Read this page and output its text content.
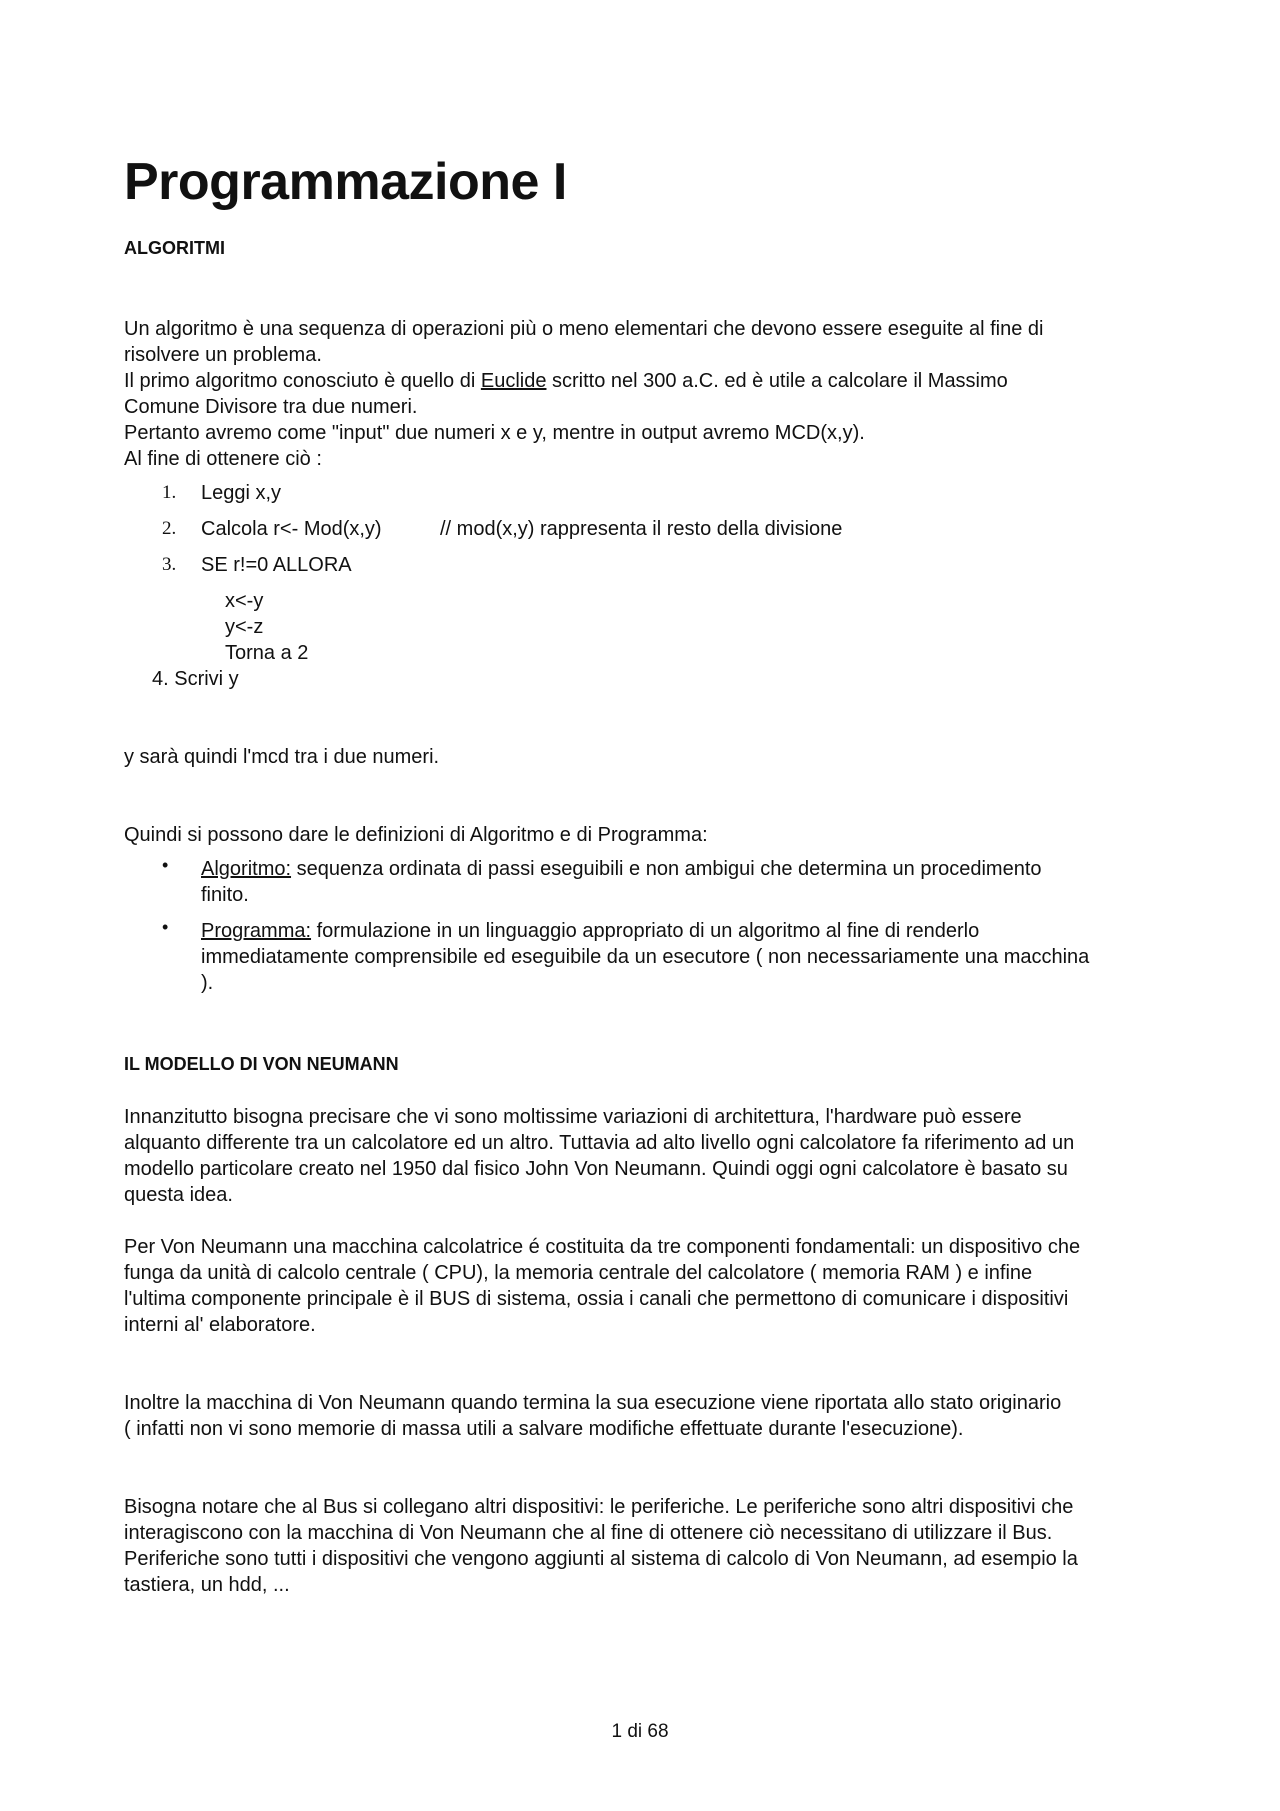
Programmazione I
ALGORITMI
Un algoritmo è una sequenza di operazioni più o meno elementari che devono essere eseguite al fine di
risolvere un problema.
Il primo algoritmo conosciuto è quello di Euclide scritto nel 300 a.C. ed è utile a calcolare il Massimo
Comune Divisore tra due numeri.
Pertanto avremo come "input" due numeri x e y, mentre in output avremo MCD(x,y).
Al fine di ottenere ciò :
1. Leggi x,y
2. Calcola r<- Mod(x,y)	// mod(x,y) rappresenta il resto della divisione
3. SE r!=0 ALLORA
x<-y
y<-z
Torna a 2
4. Scrivi y

y sarà quindi l'mcd tra i due numeri.

Quindi si possono dare le definizioni di Algoritmo e di Programma:

• Algoritmo: sequenza ordinata di passi eseguibili e non ambigui che determina un procedimento
finito.
• Programma: formulazione in un linguaggio appropriato di un algoritmo al fine di renderlo
immediatamente comprensibile ed eseguibile da un esecutore ( non necessariamente una macchina
).
IL MODELLO DI VON NEUMANN
Innanzitutto bisogna precisare che vi sono moltissime variazioni di architettura, l'hardware può essere
alquanto differente tra un calcolatore ed un altro. Tuttavia ad alto livello ogni calcolatore fa riferimento ad un
modello particolare creato nel 1950 dal fisico John Von Neumann. Quindi oggi ogni calcolatore è basato su
questa idea.
Per Von Neumann una macchina calcolatrice é costituita da tre componenti fondamentali: un dispositivo che
funga da unità di calcolo centrale ( CPU), la memoria centrale del calcolatore ( memoria RAM ) e infine
l'ultima componente principale è il BUS di sistema, ossia i canali che permettono di comunicare i dispositivi
interni al' elaboratore.
Inoltre la macchina di Von Neumann quando termina la sua esecuzione viene riportata allo stato originario
( infatti non vi sono memorie di massa utili a salvare modifiche effettuate durante l'esecuzione).
Bisogna notare che al Bus si collegano altri dispositivi: le periferiche. Le periferiche sono altri dispositivi che
interagiscono con la macchina di Von Neumann che al fine di ottenere ciò necessitano di utilizzare il Bus.
Periferiche sono tutti i dispositivi che vengono aggiunti al sistema di calcolo di Von Neumann, ad esempio la
tastiera, un hdd, ...
1 di 68
